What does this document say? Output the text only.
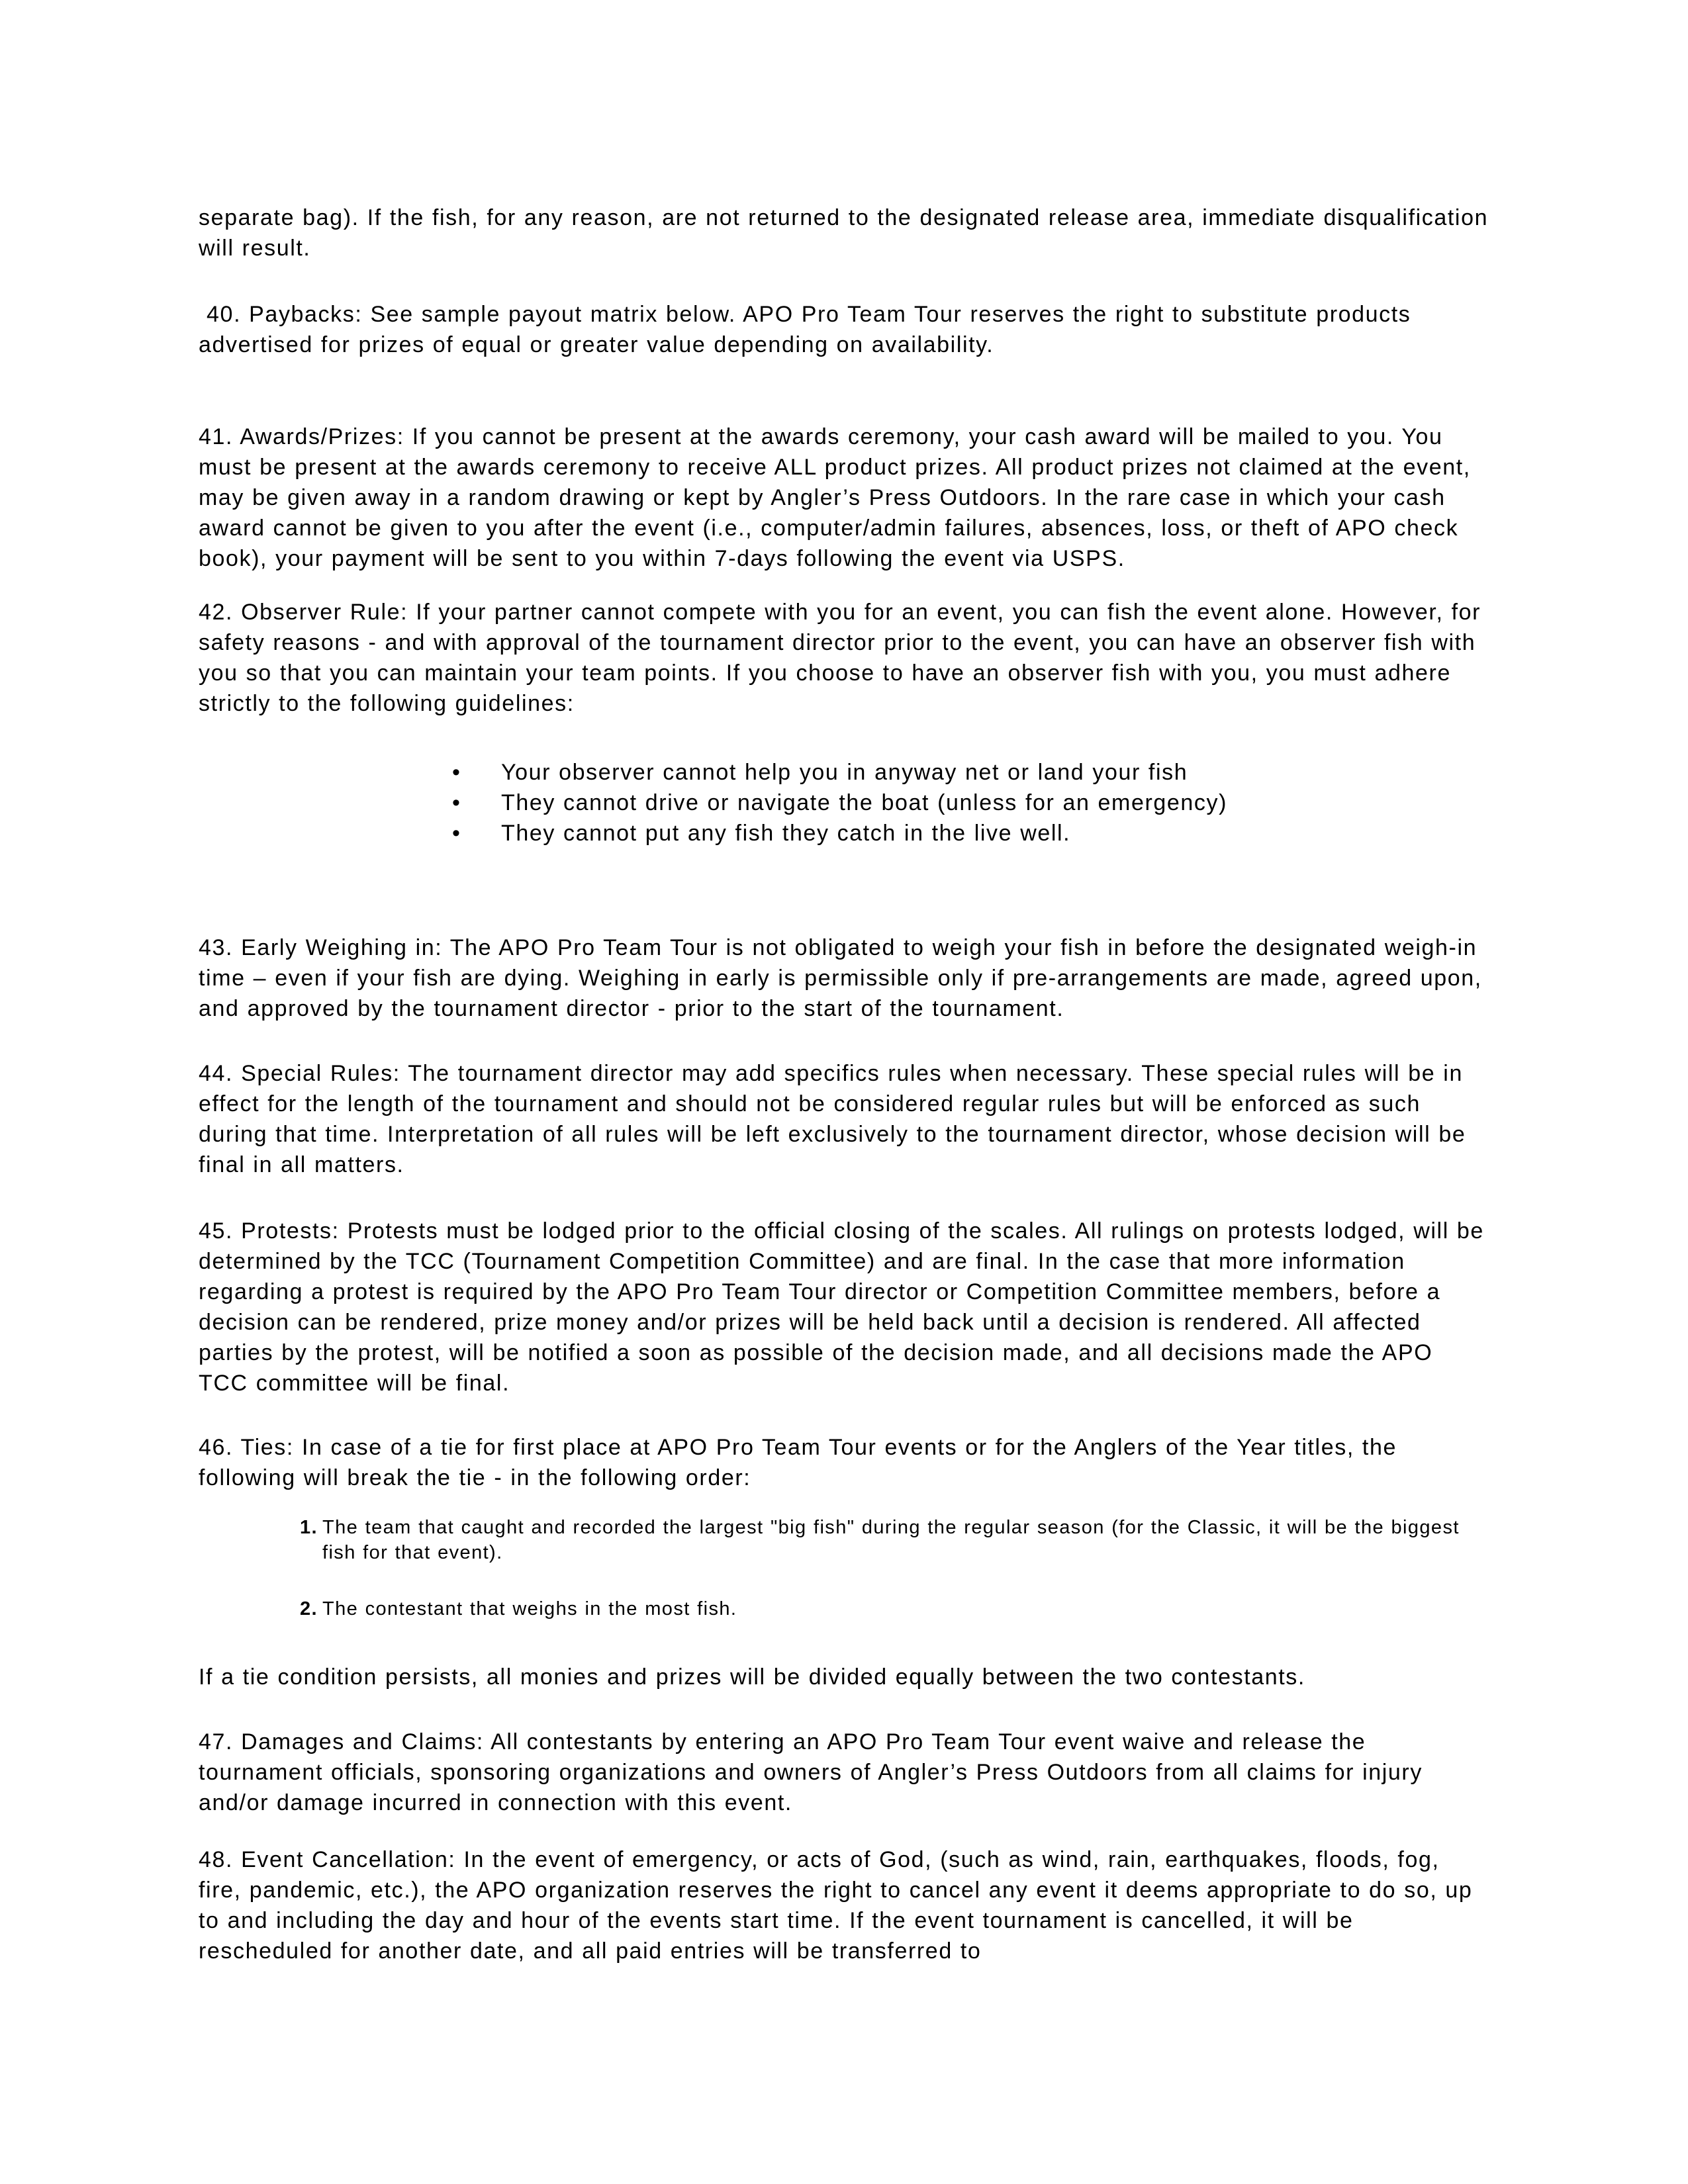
separate bag). If the fish, for any reason, are not returned to the designated release area, immediate disqualification will result.

40. Paybacks: See sample payout matrix below. APO Pro Team Tour reserves the right to substitute products advertised for prizes of equal or greater value depending on availability.

41. Awards/Prizes: If you cannot be present at the awards ceremony, your cash award will be mailed to you. You must be present at the awards ceremony to receive ALL product prizes. All product prizes not claimed at the event, may be given away in a random drawing or kept by Angler’s Press Outdoors. In the rare case in which your cash award cannot be given to you after the event (i.e., computer/admin failures, absences, loss, or theft of APO check book), your payment will be sent to you within 7-days following the event via USPS.

42. Observer Rule: If your partner cannot compete with you for an event, you can fish the event alone. However, for safety reasons - and with approval of the tournament director prior to the event, you can have an observer fish with you so that you can maintain your team points. If you choose to have an observer fish with you, you must adhere strictly to the following guidelines:

•	Your observer cannot help you in anyway net or land your fish
•	They cannot drive or navigate the boat (unless for an emergency)
•	They cannot put any fish they catch in the live well.

43. Early Weighing in: The APO Pro Team Tour is not obligated to weigh your fish in before the designated weigh-in time – even if your fish are dying. Weighing in early is permissible only if pre-arrangements are made, agreed upon, and approved by the tournament director - prior to the start of the tournament.

44. Special Rules: The tournament director may add specifics rules when necessary. These special rules will be in effect for the length of the tournament and should not be considered regular rules but will be enforced as such during that time. Interpretation of all rules will be left exclusively to the tournament director, whose decision will be final in all matters.

45. Protests: Protests must be lodged prior to the official closing of the scales. All rulings on protests lodged, will be determined by the TCC (Tournament Competition Committee) and are final. In the case that more information regarding a protest is required by the APO Pro Team Tour director or Competition Committee members, before a decision can be rendered, prize money and/or prizes will be held back until a decision is rendered. All affected parties by the protest, will be notified a soon as possible of the decision made, and all decisions made the APO TCC committee will be final.

46. Ties: In case of a tie for first place at APO Pro Team Tour events or for the Anglers of the Year titles, the following will break the tie - in the following order:

1. The team that caught and recorded the largest "big fish" during the regular season (for the Classic, it will be the biggest fish for that event).
2. The contestant that weighs in the most fish.

If a tie condition persists, all monies and prizes will be divided equally between the two contestants.

47. Damages and Claims: All contestants by entering an APO Pro Team Tour event waive and release the tournament officials, sponsoring organizations and owners of Angler’s Press Outdoors from all claims for injury and/or damage incurred in connection with this event.

48. Event Cancellation: In the event of emergency, or acts of God, (such as wind, rain, earthquakes, floods, fog, fire, pandemic, etc.), the APO organization reserves the right to cancel any event it deems appropriate to do so, up to and including the day and hour of the events start time. If the event tournament is cancelled, it will be rescheduled for another date, and all paid entries will be transferred to
